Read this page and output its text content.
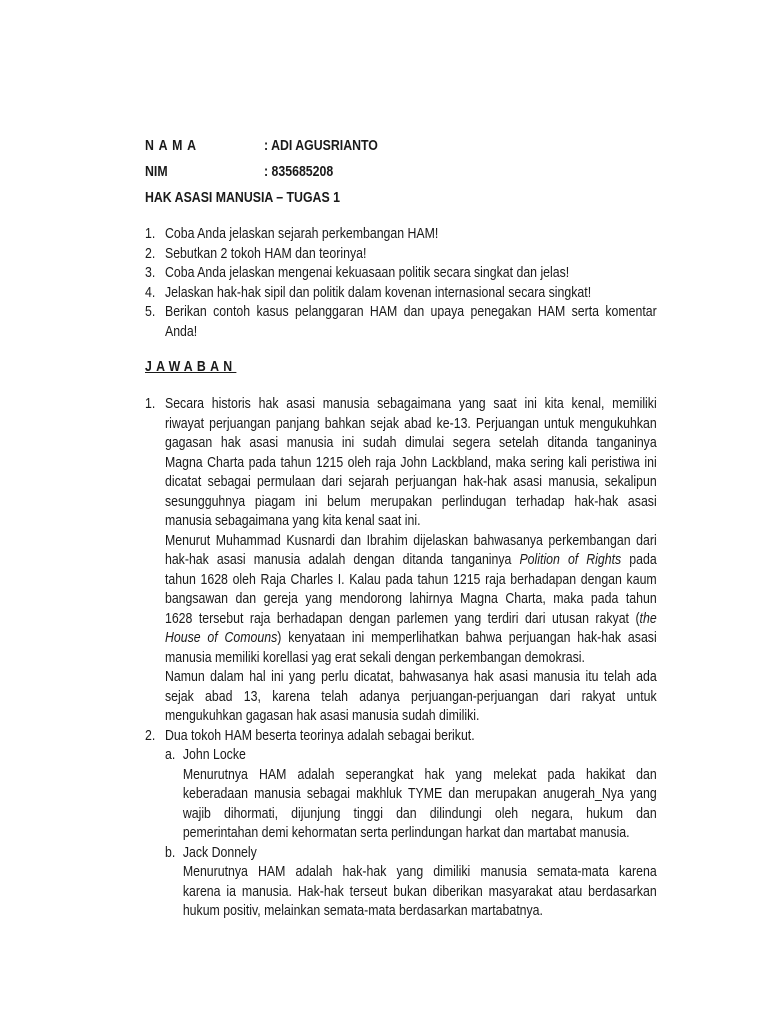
N A M A	: ADI AGUSRIANTO
NIM	: 835685208
HAK ASASI MANUSIA – TUGAS 1
1. Coba Anda jelaskan sejarah perkembangan HAM!
2. Sebutkan 2 tokoh HAM dan teorinya!
3. Coba Anda jelaskan mengenai kekuasaan politik secara singkat dan jelas!
4. Jelaskan hak-hak sipil dan politik dalam kovenan internasional secara singkat!
5. Berikan contoh kasus pelanggaran HAM dan upaya penegakan HAM serta komentar
Anda!
JAWABAN
1. Secara historis hak asasi manusia sebagaimana yang saat ini kita kenal, memiliki
riwayat perjuangan panjang bahkan sejak abad ke-13. Perjuangan untuk mengukuhkan
gagasan hak asasi manusia ini sudah dimulai segera setelah ditanda tanganinya
Magna Charta pada tahun 1215 oleh raja John Lackbland, maka sering kali peristiwa ini
dicatat sebagai permulaan dari sejarah perjuangan hak-hak asasi manusia, sekalipun
sesungguhnya piagam ini belum merupakan perlindugan terhadap hak-hak asasi
manusia sebagaimana yang kita kenal saat ini.
Menurut Muhammad Kusnardi dan Ibrahim dijelaskan bahwasanya perkembangan dari
hak-hak asasi manusia adalah dengan ditanda tanganinya Polition of Rights pada
tahun 1628 oleh Raja Charles I. Kalau pada tahun 1215 raja berhadapan dengan kaum
bangsawan dan gereja yang mendorong lahirnya Magna Charta, maka pada tahun
1628 tersebut raja berhadapan dengan parlemen yang terdiri dari utusan rakyat (the
House of Comouns) kenyataan ini memperlihatkan bahwa perjuangan hak-hak asasi
manusia memiliki korellasi yag erat sekali dengan perkembangan demokrasi.
Namun dalam hal ini yang perlu dicatat, bahwasanya hak asasi manusia itu telah ada
sejak abad 13, karena telah adanya perjuangan-perjuangan dari rakyat untuk
mengukuhkan gagasan hak asasi manusia sudah dimiliki.
2. Dua tokoh HAM beserta teorinya adalah sebagai berikut.
a. John Locke
Menurutnya HAM adalah seperangkat hak yang melekat pada hakikat dan
keberadaan manusia sebagai makhluk TYME dan merupakan anugerah_Nya yang
wajib dihormati, dijunjung tinggi dan dilindungi oleh negara, hukum dan
pemerintahan demi kehormatan serta perlindungan harkat dan martabat manusia.
b. Jack Donnely
Menurutnya HAM adalah hak-hak yang dimiliki manusia semata-mata karena
karena ia manusia. Hak-hak terseut bukan diberikan masyarakat atau berdasarkan
hukum positiv, melainkan semata-mata berdasarkan martabatnya.
